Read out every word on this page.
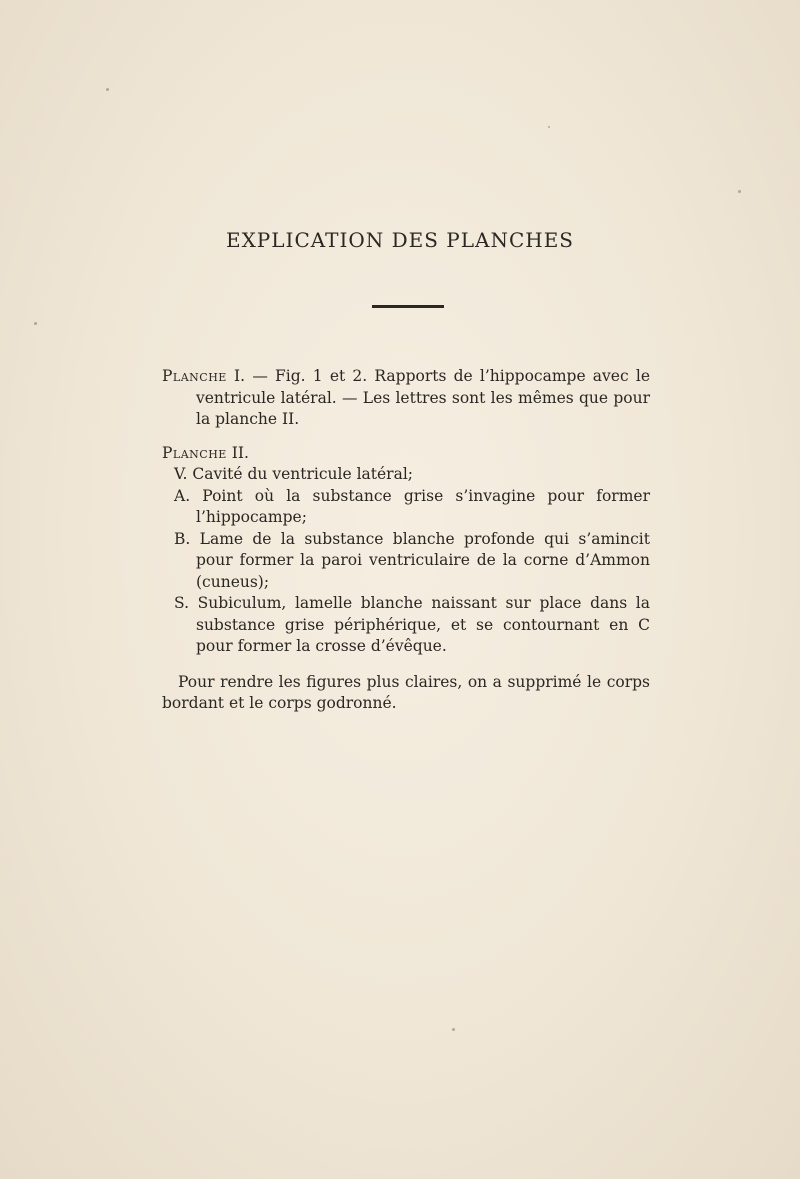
EXPLICATION DES PLANCHES

Planche I. — Fig. 1 et 2. Rapports de l’hippocampe avec le ventricule latéral. — Les lettres sont les mêmes que pour la planche II.

Planche II.

V. Cavité du ventricule latéral;
A. Point où la substance grise s’invagine pour former l’hippocampe;
B. Lame de la substance blanche profonde qui s’amincit pour former la paroi ventriculaire de la corne d’Ammon (cuneus);
S. Subiculum, lamelle blanche naissant sur place dans la substance grise périphérique, et se contournant en C pour former la crosse d’évêque.

Pour rendre les figures plus claires, on a supprimé le corps bordant et le corps godronné.
